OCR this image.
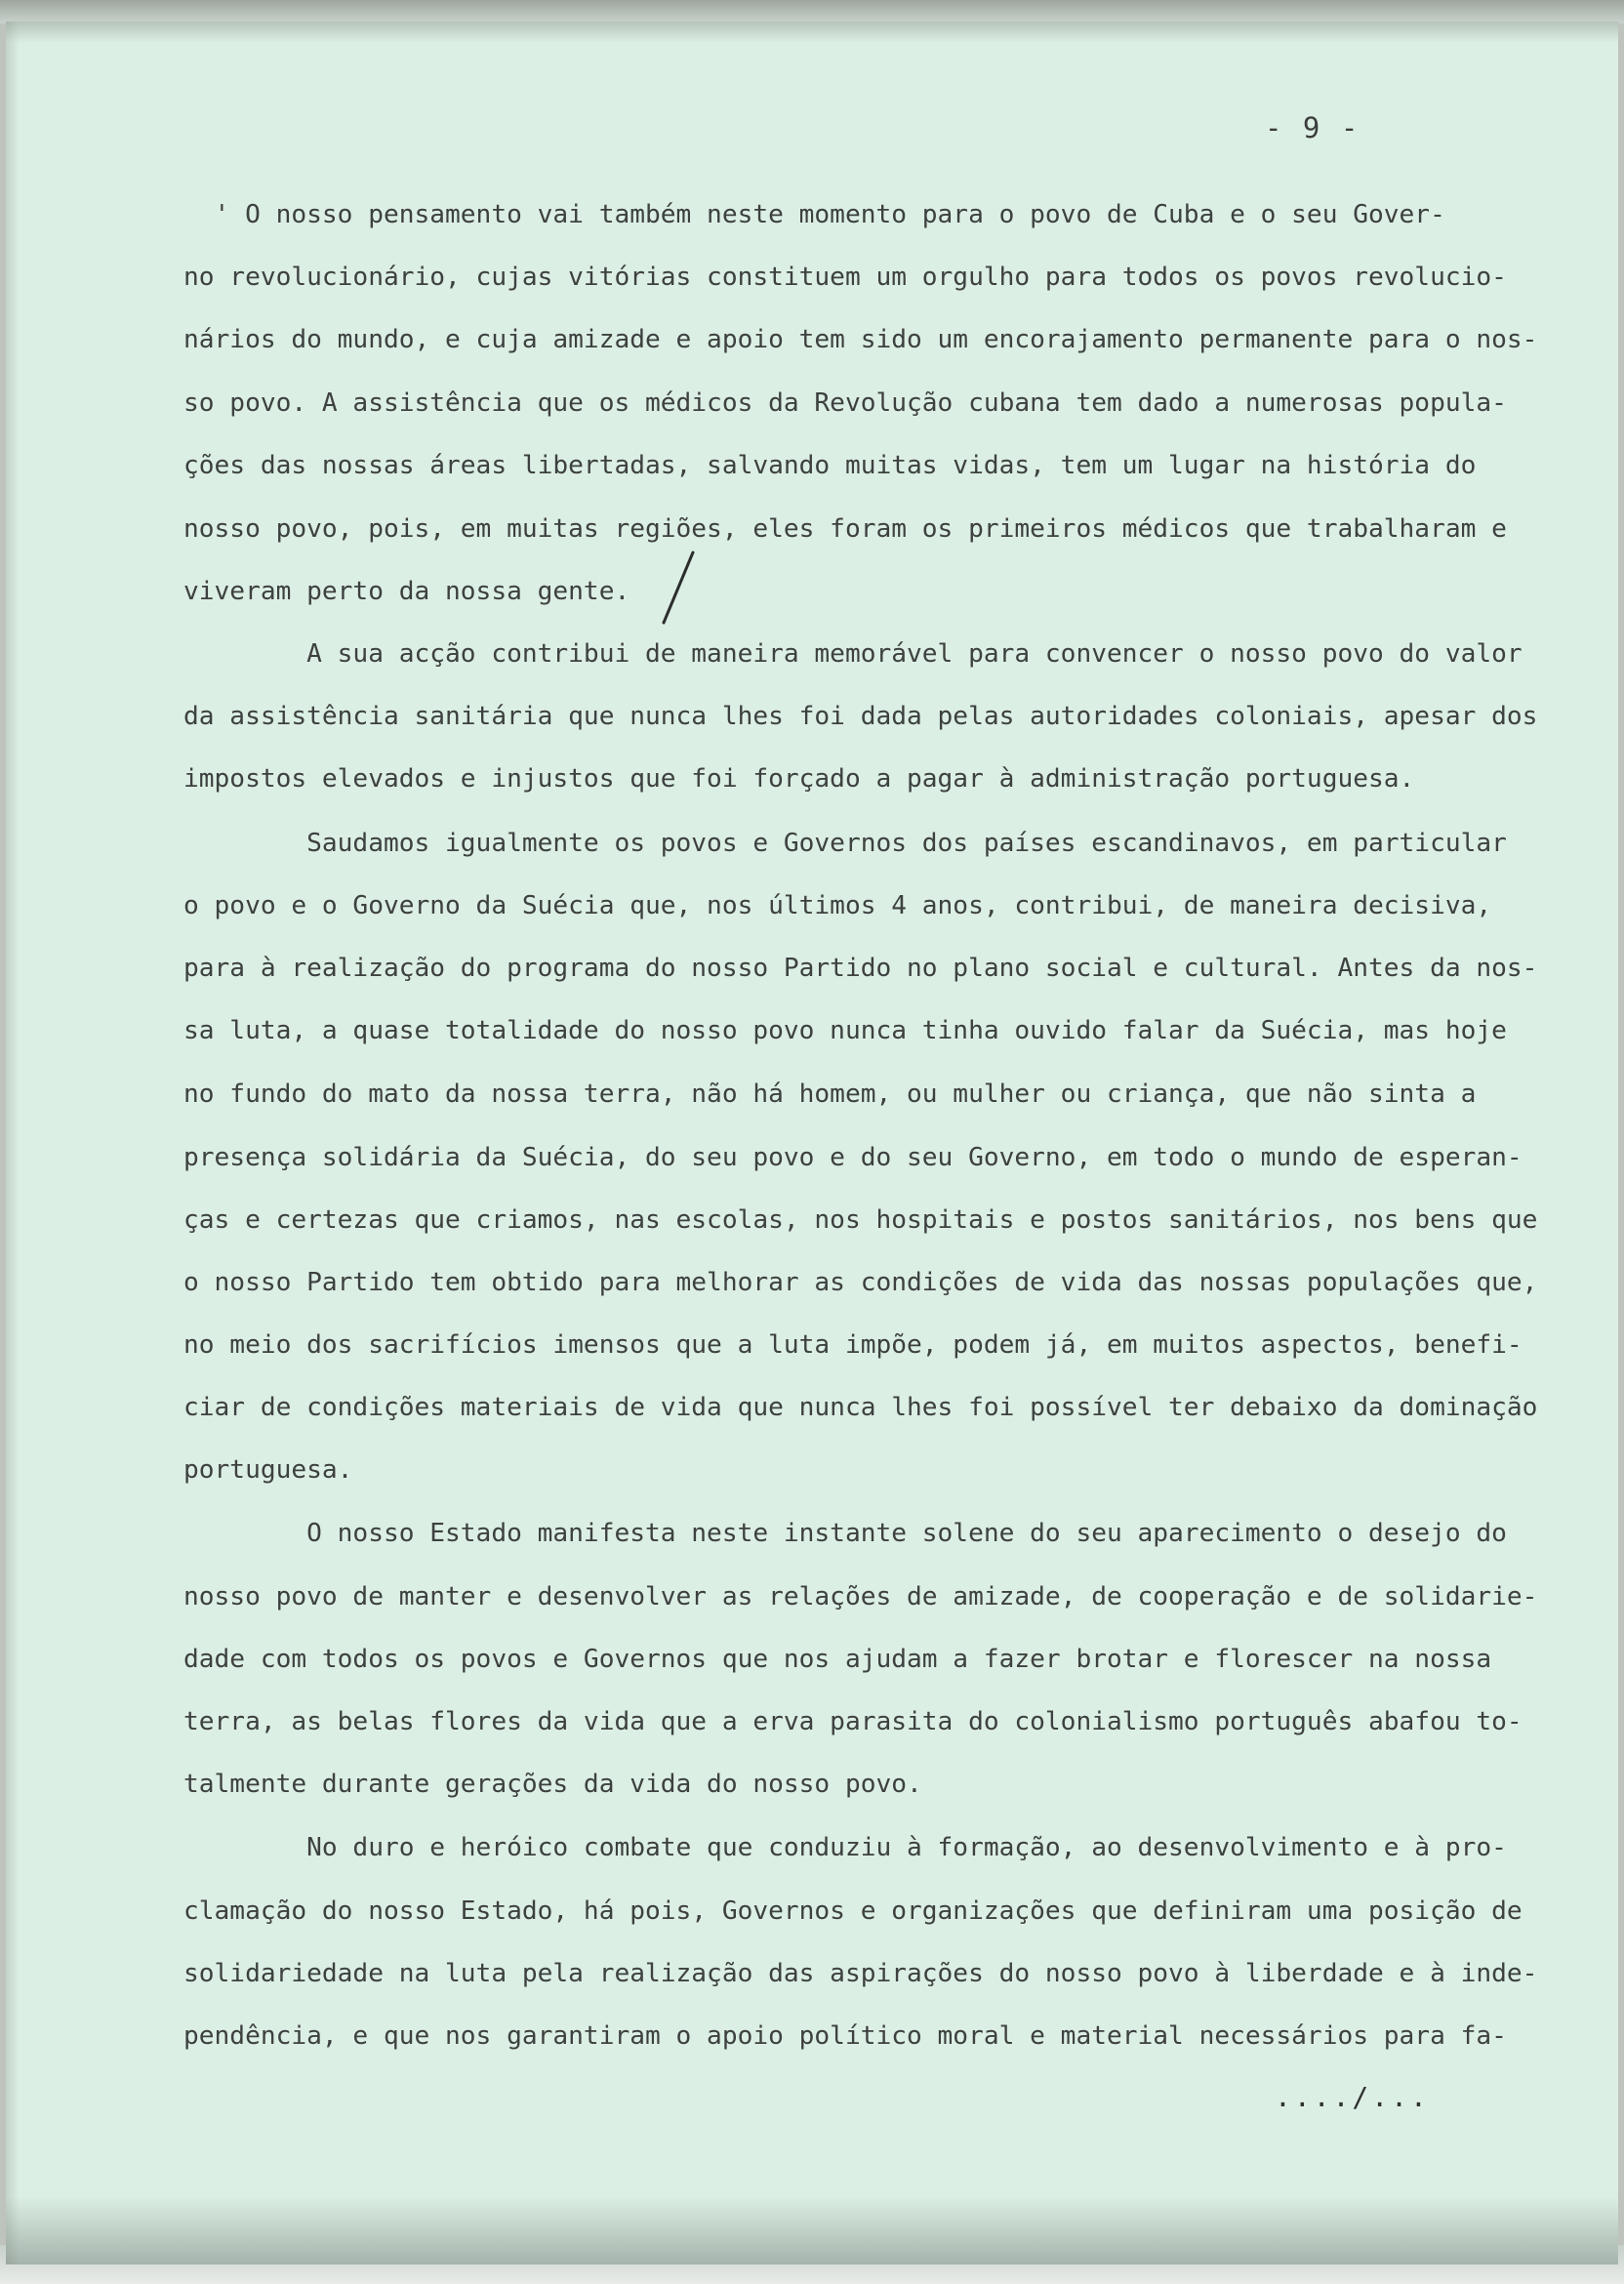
- 9 -

' O nosso pensamento vai também neste momento para o povo de Cuba e o seu Gover-

no revolucionário, cujas vitórias constituem um orgulho para todos os povos revolucio-

nários do mundo, e cuja amizade e apoio tem sido um encorajamento permanente para o nos-

so povo. A assistência que os médicos da Revolução cubana tem dado a numerosas popula-

ções das nossas áreas libertadas, salvando muitas vidas, tem um lugar na história do

nosso povo, pois, em muitas regiões, eles foram os primeiros médicos que trabalharam e

viveram perto da nossa gente.

A sua acção contribui de maneira memorável para convencer o nosso povo do valor

da assistência sanitária que nunca lhes foi dada pelas autoridades coloniais, apesar dos

impostos elevados e injustos que foi forçado a pagar à administração portuguesa.

Saudamos igualmente os povos e Governos dos países escandinavos, em particular

o povo e o Governo da Suécia que, nos últimos 4 anos, contribui, de maneira decisiva,

para à realização do programa do nosso Partido no plano social e cultural. Antes da nos-

sa luta, a quase totalidade do nosso povo nunca tinha ouvido falar da Suécia, mas hoje

no fundo do mato da nossa terra, não há homem, ou mulher ou criança, que não sinta a

presença solidária da Suécia, do seu povo e do seu Governo, em todo o mundo de esperan-

ças e certezas que criamos, nas escolas, nos hospitais e postos sanitários, nos bens que

o nosso Partido tem obtido para melhorar as condições de vida das nossas populações que,

no meio dos sacrifícios imensos que a luta impõe, podem já, em muitos aspectos, benefi-

ciar de condições materiais de vida que nunca lhes foi possível ter debaixo da dominação

portuguesa.

O nosso Estado manifesta neste instante solene do seu aparecimento o desejo do

nosso povo de manter e desenvolver as relações de amizade, de cooperação e de solidarie-

dade com todos os povos e Governos que nos ajudam a fazer brotar e florescer na nossa

terra, as belas flores da vida que a erva parasita do colonialismo português abafou to-

talmente durante gerações da vida do nosso povo.

No duro e heróico combate que conduziu à formação, ao desenvolvimento e à pro-

clamação do nosso Estado, há pois, Governos e organizações que definiram uma posição de

solidariedade na luta pela realização das aspirações do nosso povo à liberdade e à inde-

pendência, e que nos garantiram o apoio político moral e material necessários para fa-

..../...
